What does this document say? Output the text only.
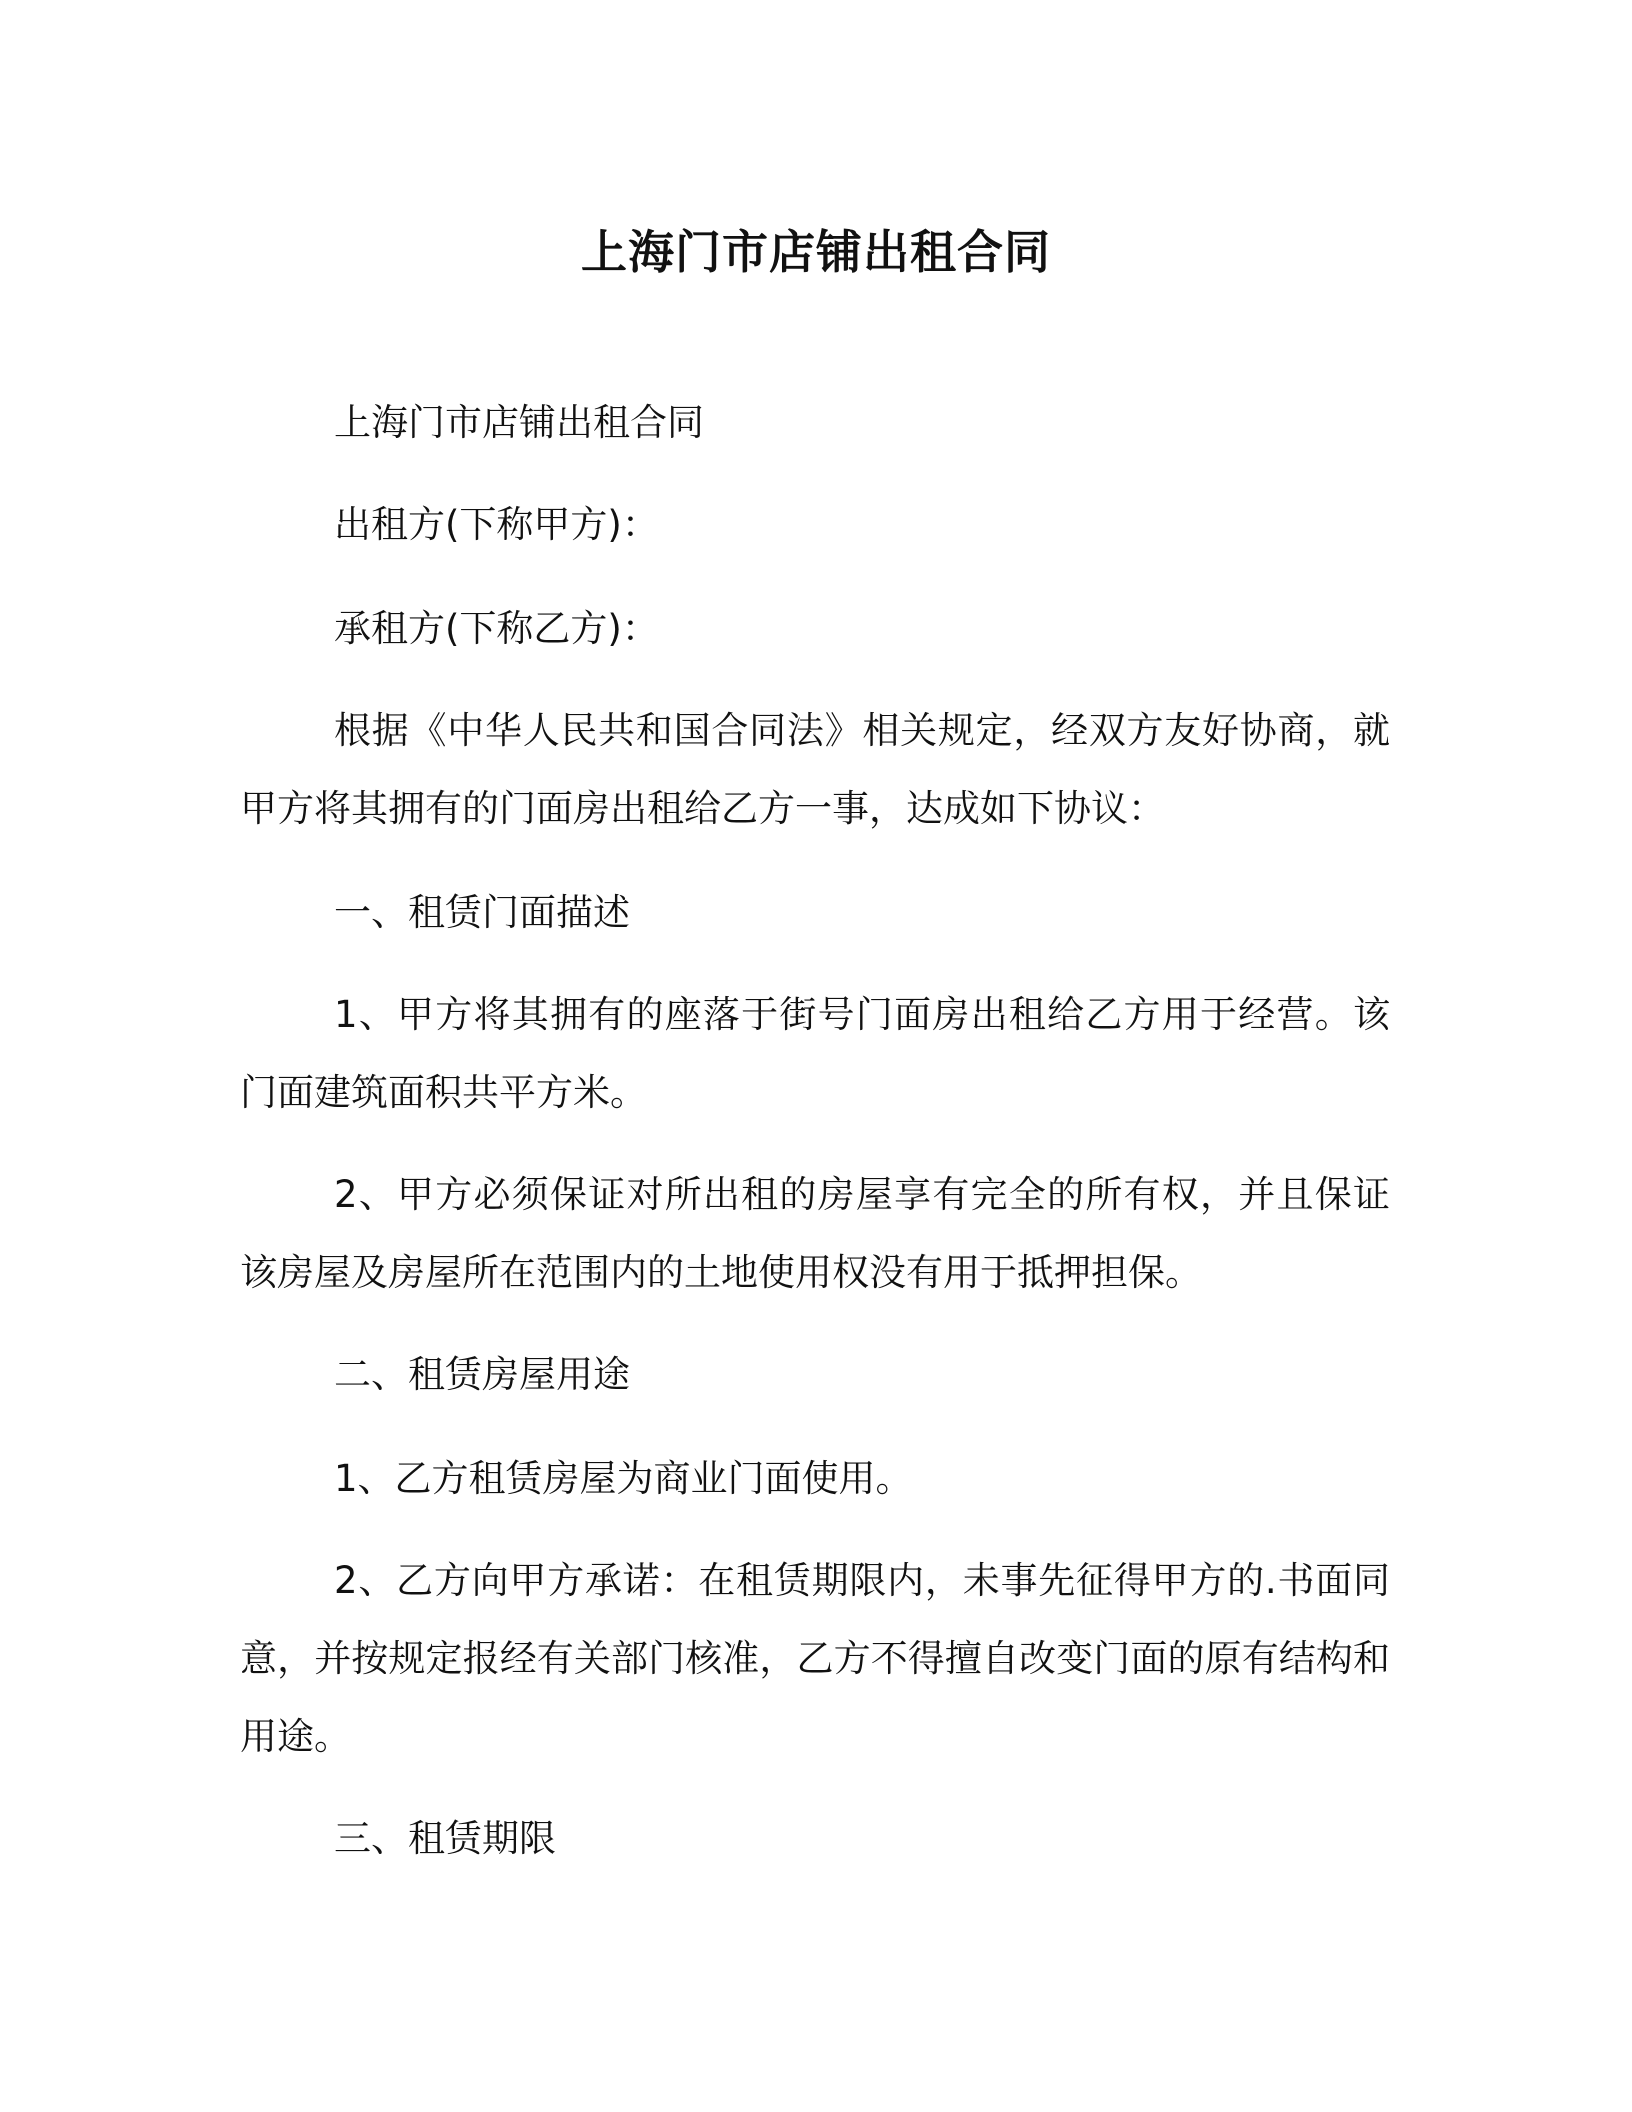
上海门市店铺出租合同

上海门市店铺出租合同

出租方(下称甲方)：

承租方(下称乙方)：

根据《中华人民共和国合同法》相关规定，经双方友好协商，就甲方将其拥有的门面房出租给乙方一事，达成如下协议：

一、租赁门面描述

1、甲方将其拥有的座落于街号门面房出租给乙方用于经营。该门面建筑面积共平方米。

2、甲方必须保证对所出租的房屋享有完全的所有权，并且保证该房屋及房屋所在范围内的土地使用权没有用于抵押担保。

二、租赁房屋用途

1、乙方租赁房屋为商业门面使用。

2、乙方向甲方承诺：在租赁期限内，未事先征得甲方的.书面同意，并按规定报经有关部门核准，乙方不得擅自改变门面的原有结构和用途。

三、租赁期限
